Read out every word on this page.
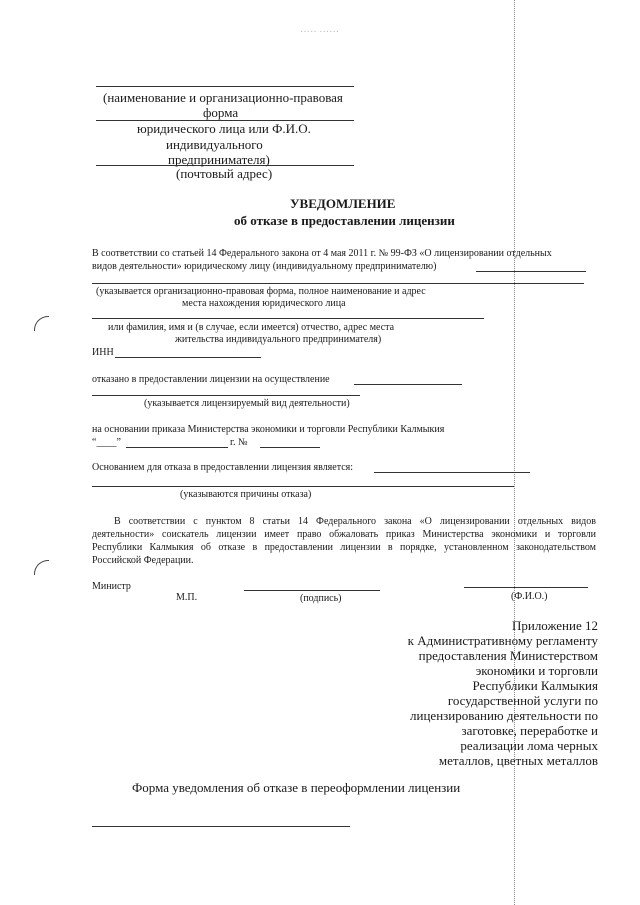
····· ······
(наименование и организационно-правовая
форма
юридического лица или Ф.И.О.
индивидуального
предпринимателя)
(почтовый адрес)
УВЕДОМЛЕНИЕ
об отказе в предоставлении лицензии
В соответствии со статьей 14 Федерального закона от 4 мая 2011 г. № 99-ФЗ «О лицензировании отдельных
видов деятельности» юридическому лицу (индивидуальному предпринимателю)
(указывается организационно-правовая форма, полное наименование и адрес
места нахождения юридического лица
или фамилия, имя и (в случае, если имеется) отчество, адрес места
жительства индивидуального предпринимателя)
ИНН
отказано в предоставлении лицензии на осуществление
(указывается лицензируемый вид деятельности)
на основании приказа Министерства экономики и торговли Республики Калмыкия
“____”	г. №
Основанием для отказа в предоставлении лицензия является:
(указываются причины отказа)
В соответствии с пунктом 8 статьи 14 Федерального закона «О лицензировании отдельных видов
деятельности» соискатель лицензии имеет право обжаловать приказ Министерства экономики и торговли
Республики Калмыкия об отказе в предоставлении лицензии в порядке, установленном законодательством
Российской Федерации.
Министр
М.П.	(подпись)	(Ф.И.О.)
Приложение 12
к Административному регламенту
предоставления Министерством
экономики и торговли
Республики Калмыкия
государственной услуги по
лицензированию деятельности по
заготовке, переработке и
реализации лома черных
металлов, цветных металлов
Форма уведомления об отказе в переоформлении лицензии
